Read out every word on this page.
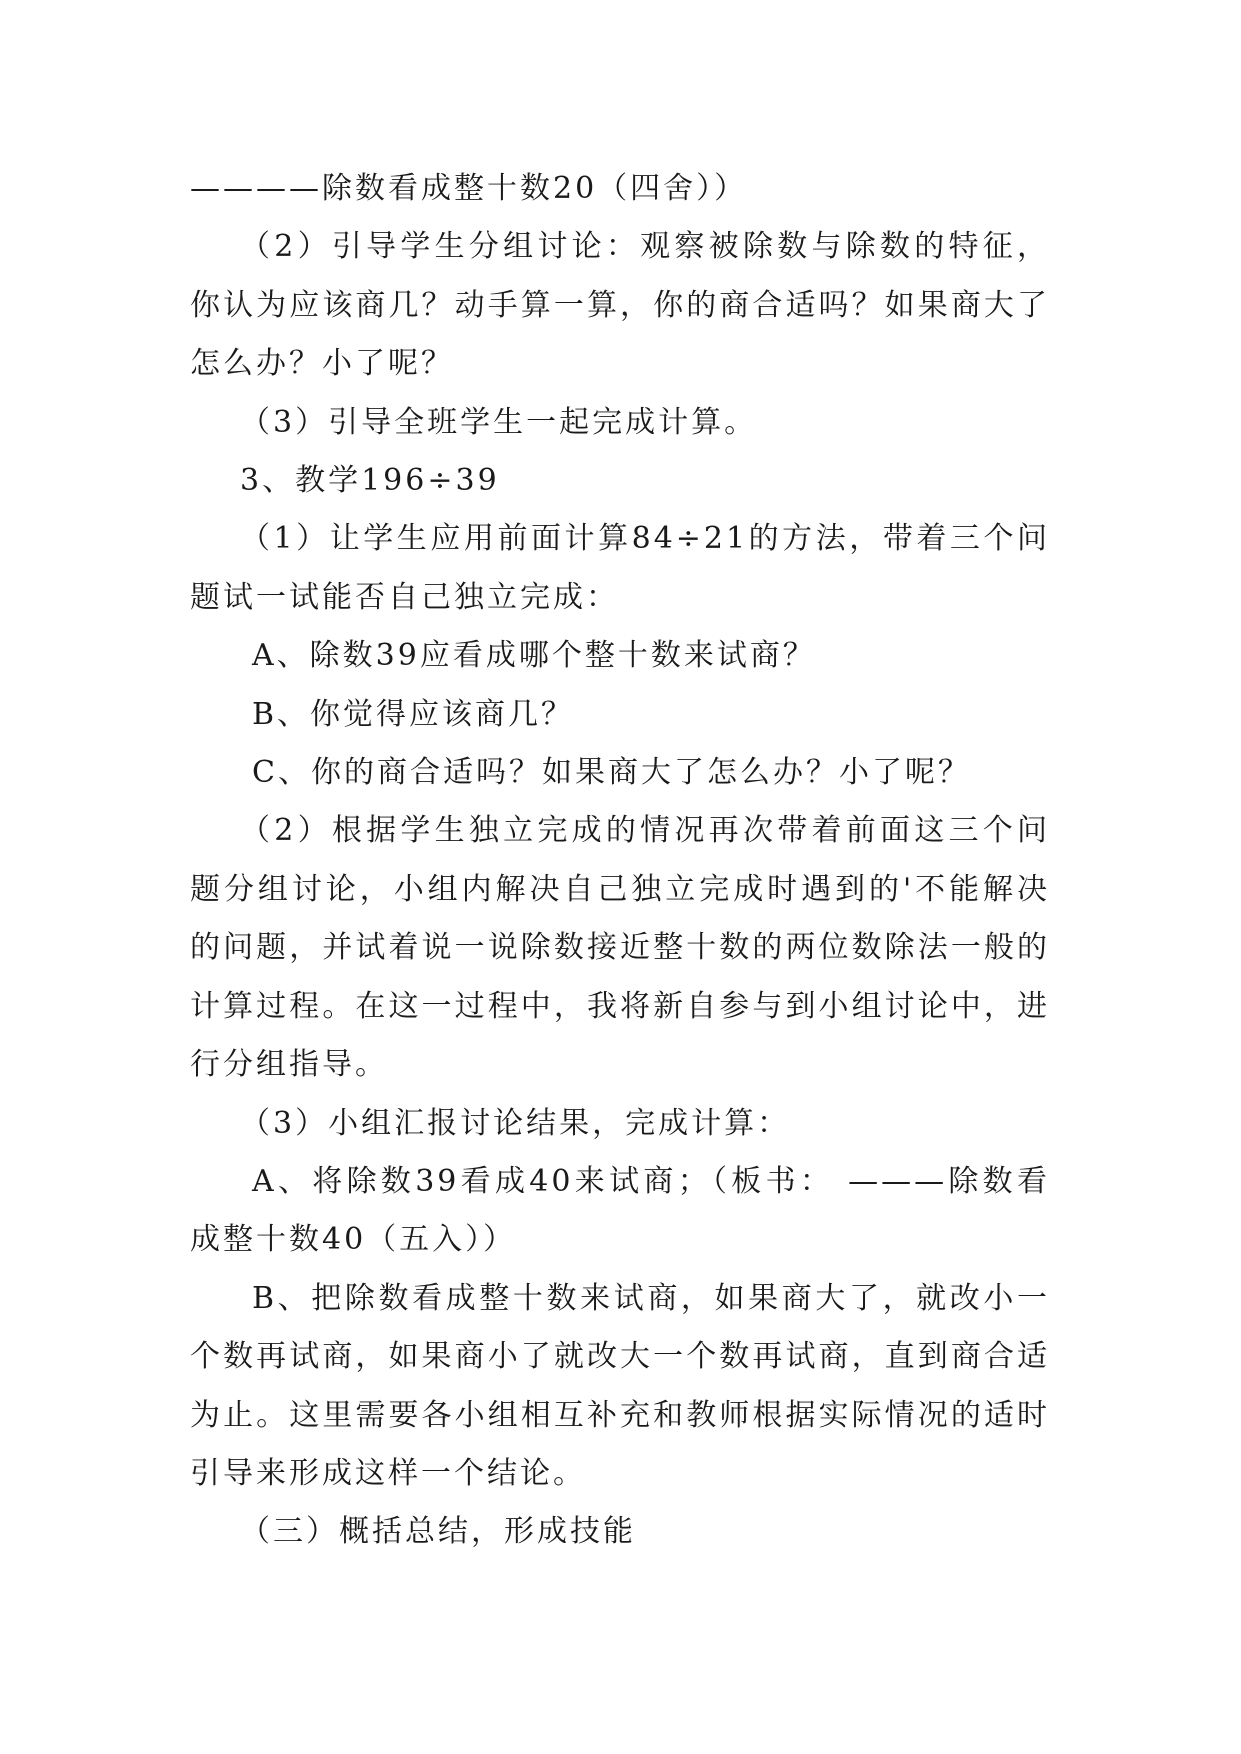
————除数看成整十数20（四舍））

（2）引导学生分组讨论：观察被除数与除数的特征，你认为应该商几？动手算一算，你的商合适吗？如果商大了怎么办？小了呢？

（3）引导全班学生一起完成计算。

3、教学196÷39

（1）让学生应用前面计算84÷21的方法，带着三个问题试一试能否自己独立完成：

A、除数39应看成哪个整十数来试商？

B、你觉得应该商几？

C、你的商合适吗？如果商大了怎么办？小了呢？

（2）根据学生独立完成的情况再次带着前面这三个问题分组讨论，小组内解决自己独立完成时遇到的'不能解决的问题，并试着说一说除数接近整十数的两位数除法一般的计算过程。在这一过程中，我将新自参与到小组讨论中，进行分组指导。

（3）小组汇报讨论结果，完成计算：

A、将除数39看成40来试商；（板书： ———除数看成整十数40（五入））

B、把除数看成整十数来试商，如果商大了，就改小一个数再试商，如果商小了就改大一个数再试商，直到商合适为止。这里需要各小组相互补充和教师根据实际情况的适时引导来形成这样一个结论。

（三）概括总结，形成技能
